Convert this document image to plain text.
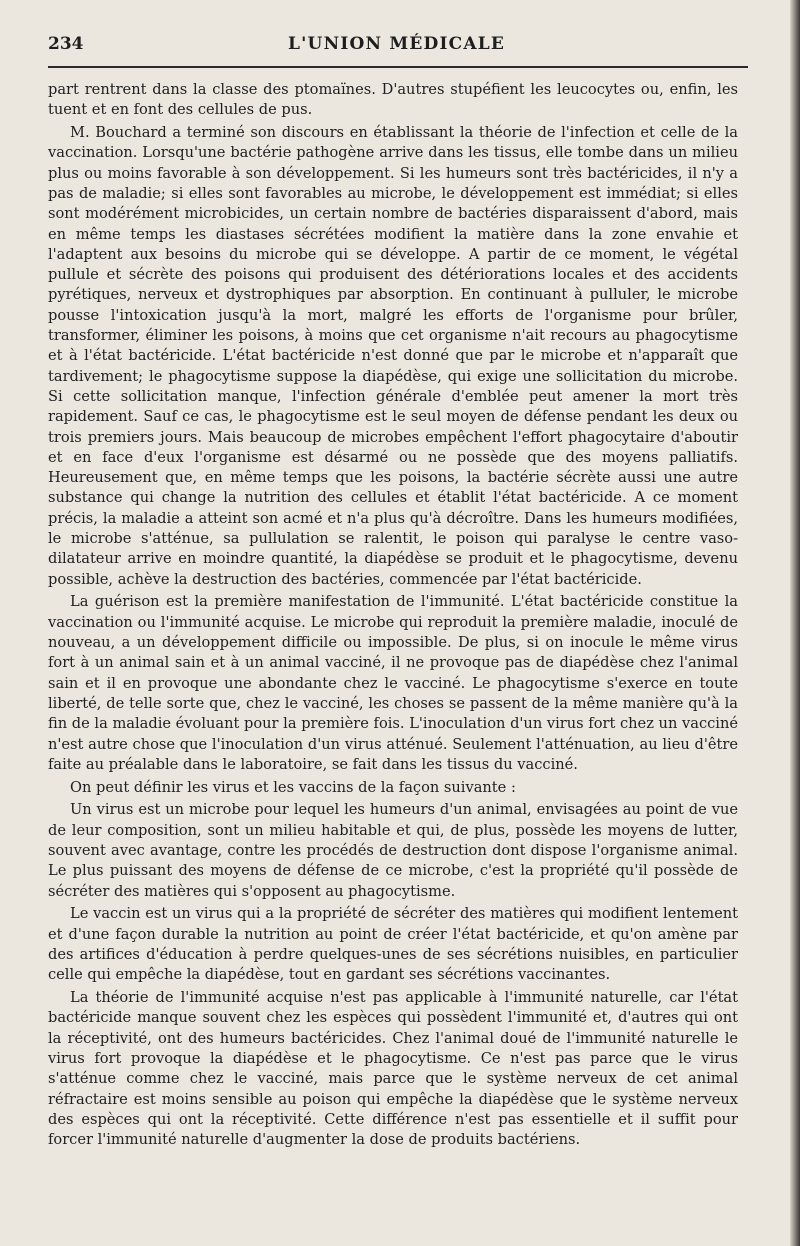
234	L'UNION MÉDICALE

part rentrent dans la classe des ptomaïnes. D'autres stupéfient les leucocytes ou, enfin, les tuent et en font des cellules de pus.

M. Bouchard a terminé son discours en établissant la théorie de l'infection et celle de la vaccination. Lorsqu'une bactérie pathogène arrive dans les tissus, elle tombe dans un milieu plus ou moins favorable à son développement. Si les humeurs sont très bactéricides, il n'y a pas de maladie; si elles sont favorables au microbe, le développement est immédiat; si elles sont modérément microbicides, un certain nombre de bactéries disparaissent d'abord, mais en même temps les diastases sécrétées modifient la matière dans la zone envahie et l'adaptent aux besoins du microbe qui se développe. A partir de ce moment, le végétal pullule et sécrète des poisons qui produisent des détériorations locales et des accidents pyrétiques, nerveux et dystrophiques par absorption. En continuant à pulluler, le microbe pousse l'intoxication jusqu'à la mort, malgré les efforts de l'organisme pour brûler, transformer, éliminer les poisons, à moins que cet organisme n'ait recours au phagocytisme et à l'état bactéricide. L'état bactéricide n'est donné que par le microbe et n'apparaît que tardivement; le phagocytisme suppose la diapédèse, qui exige une sollicitation du microbe. Si cette sollicitation manque, l'infection générale d'emblée peut amener la mort très rapidement. Sauf ce cas, le phagocytisme est le seul moyen de défense pendant les deux ou trois premiers jours. Mais beaucoup de microbes empêchent l'effort phagocytaire d'aboutir et en face d'eux l'organisme est désarmé ou ne possède que des moyens palliatifs. Heureusement que, en même temps que les poisons, la bactérie sécrète aussi une autre substance qui change la nutrition des cellules et établit l'état bactéricide. A ce moment précis, la maladie a atteint son acmé et n'a plus qu'à décroître. Dans les humeurs modifiées, le microbe s'atténue, sa pullulation se ralentit, le poison qui paralyse le centre vaso-dilatateur arrive en moindre quantité, la diapédèse se produit et le phagocytisme, devenu possible, achève la destruction des bactéries, commencée par l'état bactéricide.

La guérison est la première manifestation de l'immunité. L'état bactéricide constitue la vaccination ou l'immunité acquise. Le microbe qui reproduit la première maladie, inoculé de nouveau, a un développement difficile ou impossible. De plus, si on inocule le même virus fort à un animal sain et à un animal vacciné, il ne provoque pas de diapédèse chez l'animal sain et il en provoque une abondante chez le vacciné. Le phagocytisme s'exerce en toute liberté, de telle sorte que, chez le vacciné, les choses se passent de la même manière qu'à la fin de la maladie évoluant pour la première fois. L'inoculation d'un virus fort chez un vacciné n'est autre chose que l'inoculation d'un virus atténué. Seulement l'atténuation, au lieu d'être faite au préalable dans le laboratoire, se fait dans les tissus du vacciné.

On peut définir les virus et les vaccins de la façon suivante :

Un virus est un microbe pour lequel les humeurs d'un animal, envisagées au point de vue de leur composition, sont un milieu habitable et qui, de plus, possède les moyens de lutter, souvent avec avantage, contre les procédés de destruction dont dispose l'organisme animal. Le plus puissant des moyens de défense de ce microbe, c'est la propriété qu'il possède de sécréter des matières qui s'opposent au phagocytisme.

Le vaccin est un virus qui a la propriété de sécréter des matières qui modifient lentement et d'une façon durable la nutrition au point de créer l'état bactéricide, et qu'on amène par des artifices d'éducation à perdre quelques-unes de ses sécrétions nuisibles, en particulier celle qui empêche la diapédèse, tout en gardant ses sécrétions vaccinantes.

La théorie de l'immunité acquise n'est pas applicable à l'immunité naturelle, car l'état bactéricide manque souvent chez les espèces qui possèdent l'immunité et, d'autres qui ont la réceptivité, ont des humeurs bactéricides. Chez l'animal doué de l'immunité naturelle le virus fort provoque la diapédèse et le phagocytisme. Ce n'est pas parce que le virus s'atténue comme chez le vacciné, mais parce que le système nerveux de cet animal réfractaire est moins sensible au poison qui empêche la diapédèse que le système nerveux des espèces qui ont la réceptivité. Cette différence n'est pas essentielle et il suffit pour forcer l'immunité naturelle d'augmenter la dose de produits bactériens.
